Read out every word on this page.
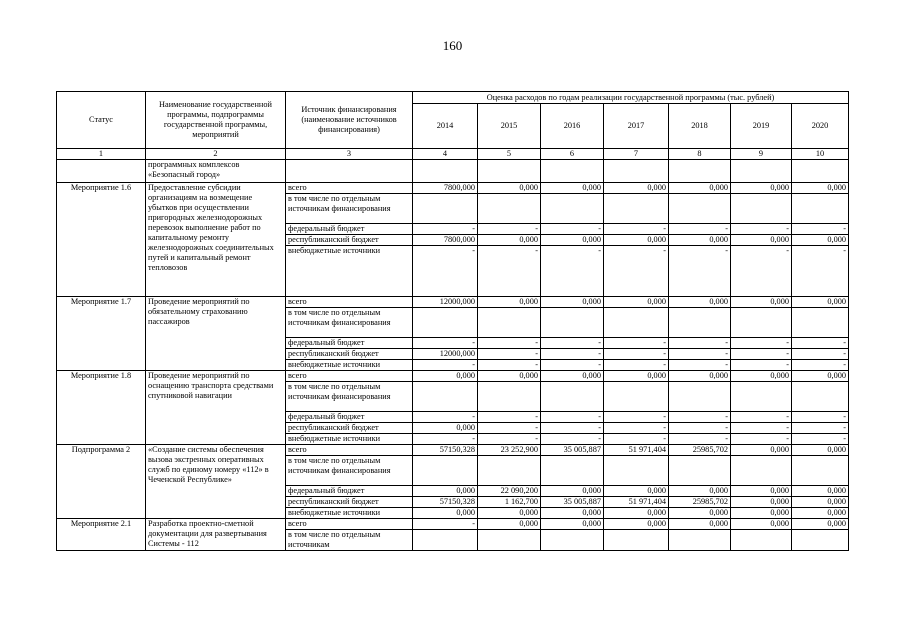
160
Статус	Наименование государственной программы, подпрограммы государственной программы, мероприятий	Источник финансирования (наименование источников финансирования)	Оценка расходов по годам реализации государственной программы (тыс. рублей)						
			2014	2015	2016	2017	2018	2019	2020
1	2	3	4	5	6	7	8	9	10
	программных комплексов «Безопасный город»								
Мероприятие 1.6	Предоставление субсидии организациям на возмещение убытков при осуществлении пригородных железнодорожных перевозок выполнение работ по капитальному ремонту железнодорожных соединительных путей и капитальный ремонт тепловозов	всего	7800,000	0,000	0,000	0,000	0,000	0,000	0,000
		в том числе по отдельным источникам финансирования							
		федеральный бюджет	-	-	-	-	-	-	-
		республиканский бюджет	7800,000	0,000	0,000	0,000	0,000	0,000	0,000
		внебюджетные источники	-	-	-	-	-	-	-
Мероприятие 1.7	Проведение мероприятий по обязательному страхованию пассажиров	всего	12000,000	0,000	0,000	0,000	0,000	0,000	0,000
		в том числе по отдельным источникам финансирования							
		федеральный бюджет	-	-	-	-	-	-	-
		республиканский бюджет	12000,000	-	-	-	-	-	-
		внебюджетные источники	-	-	-	-	-	-	-
Мероприятие 1.8	Проведение мероприятий по оснащению транспорта средствами спутниковой навигации	всего	0,000	0,000	0,000	0,000	0,000	0,000	0,000
		в том числе по отдельным источникам финансирования							
		федеральный бюджет	-	-	-	-	-	-	-
		республиканский бюджет	0,000	-	-	-	-	-	-
		внебюджетные источники	-	-	-	-	-	-	-
Подпрограмма 2	«Создание системы обеспечения вызова экстренных оперативных служб по единому номеру «112» в Чеченской Республике»	всего	57150,328	23 252,900	35 005,887	51 971,404	25985,702	0,000	0,000
		в том числе по отдельным источникам финансирования							
		федеральный бюджет	0,000	22 090,200	0,000	0,000	0,000	0,000	0,000
		республиканский бюджет	57150,328	1 162,700	35 005,887	51 971,404	25985,702	0,000	0,000
		внебюджетные источники	0,000	0,000	0,000	0,000	0,000	0,000	0,000
Мероприятие 2.1	Разработка проектно-сметной документации для развертывания Системы - 112	всего	-	0,000	0,000	0,000	0,000	0,000	0,000
		в том числе по отдельным источникам							
